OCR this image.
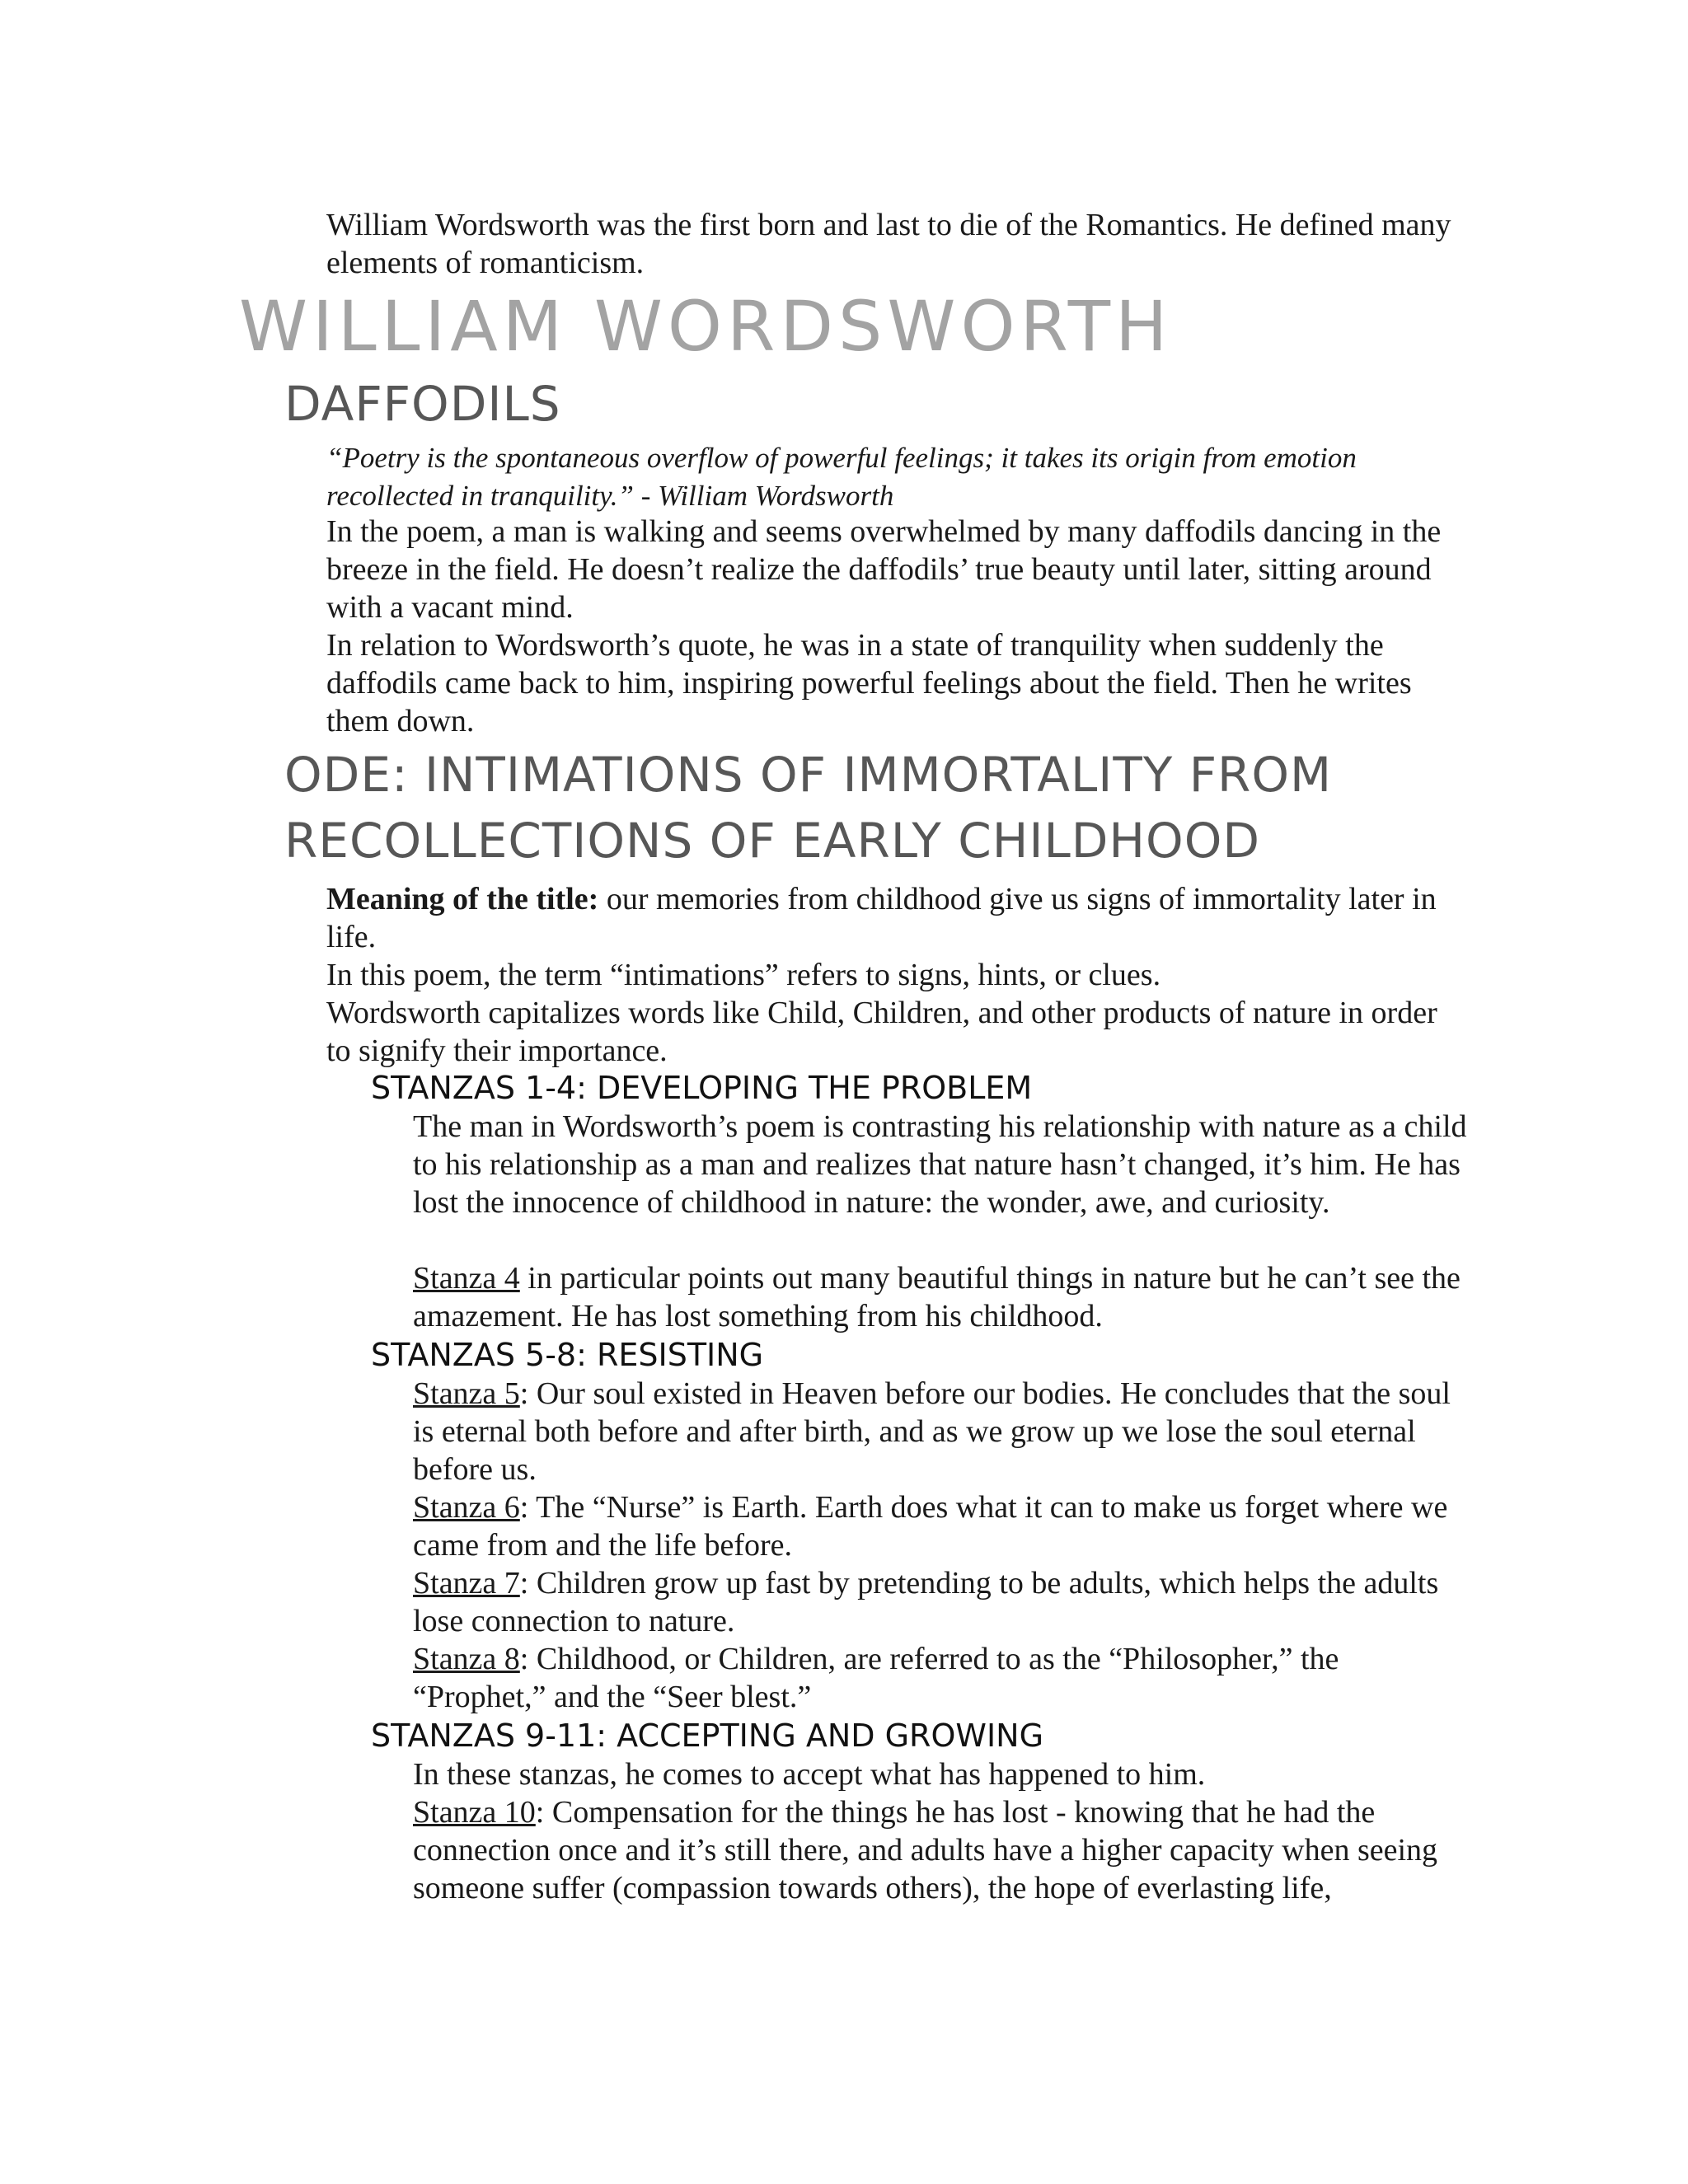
William Wordsworth was the first born and last to die of the Romantics. He defined many elements of romanticism.

WILLIAM WORDSWORTH
DAFFODILS

“Poetry is the spontaneous overflow of powerful feelings; it takes its origin from emotion recollected in tranquility.” - William Wordsworth

In the poem, a man is walking and seems overwhelmed by many daffodils dancing in the breeze in the field. He doesn’t realize the daffodils’ true beauty until later, sitting around with a vacant mind.

In relation to Wordsworth’s quote, he was in a state of tranquility when suddenly the daffodils came back to him, inspiring powerful feelings about the field. Then he writes them down.

ODE: INTIMATIONS OF IMMORTALITY FROM RECOLLECTIONS OF EARLY CHILDHOOD

Meaning of the title: our memories from childhood give us signs of immortality later in life.

In this poem, the term “intimations” refers to signs, hints, or clues.

Wordsworth capitalizes words like Child, Children, and other products of nature in order to signify their importance.

STANZAS 1-4: DEVELOPING THE PROBLEM

The man in Wordsworth’s poem is contrasting his relationship with nature as a child to his relationship as a man and realizes that nature hasn’t changed, it’s him. He has lost the innocence of childhood in nature: the wonder, awe, and curiosity.

Stanza 4 in particular points out many beautiful things in nature but he can’t see the amazement. He has lost something from his childhood.

STANZAS 5-8: RESISTING

Stanza 5: Our soul existed in Heaven before our bodies. He concludes that the soul is eternal both before and after birth, and as we grow up we lose the soul eternal before us.

Stanza 6: The “Nurse” is Earth. Earth does what it can to make us forget where we came from and the life before.

Stanza 7: Children grow up fast by pretending to be adults, which helps the adults lose connection to nature.

Stanza 8: Childhood, or Children, are referred to as the “Philosopher,” the “Prophet,” and the “Seer blest.”

STANZAS 9-11: ACCEPTING AND GROWING

In these stanzas, he comes to accept what has happened to him.

Stanza 10: Compensation for the things he has lost - knowing that he had the connection once and it’s still there, and adults have a higher capacity when seeing someone suffer (compassion towards others), the hope of everlasting life,
